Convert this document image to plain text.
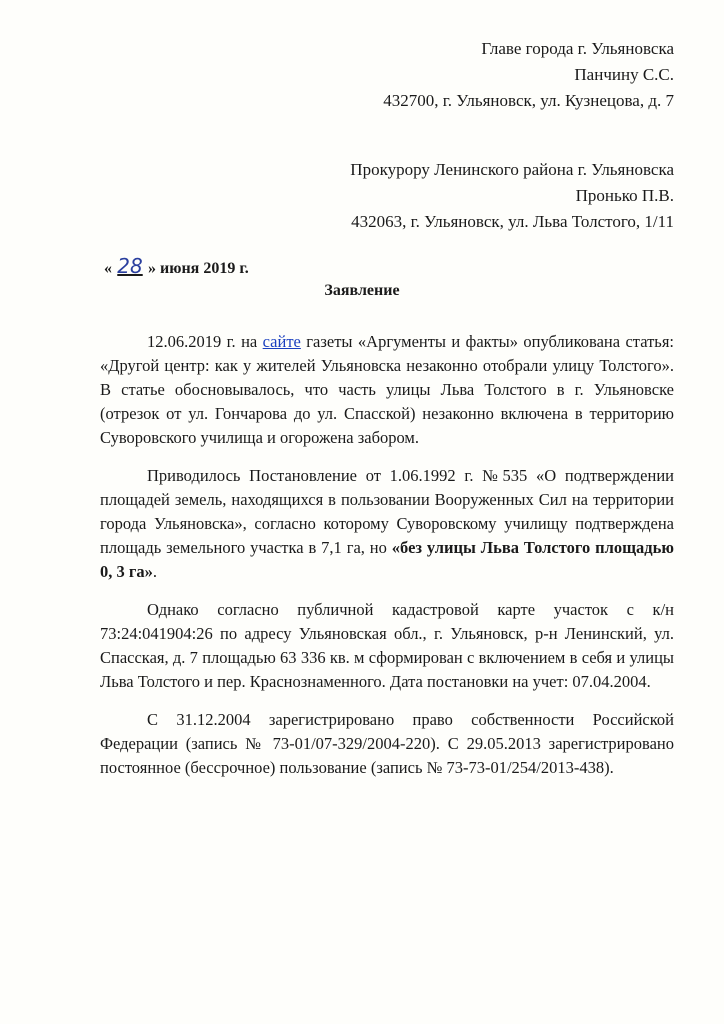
Главе города г. Ульяновска
Панчину С.С.
432700, г. Ульяновск, ул. Кузнецова, д. 7
Прокурору Ленинского района г. Ульяновска
Пронько П.В.
432063, г. Ульяновск, ул. Льва Толстого, 1/11
« 28 » июня 2019 г.
Заявление

12.06.2019 г. на сайте газеты «Аргументы и факты» опубликована статья: «Другой центр: как у жителей Ульяновска незаконно отобрали улицу Толстого». В статье обосновывалось, что часть улицы Льва Толстого в г. Ульяновске (отрезок от ул. Гончарова до ул. Спасской) незаконно включена в территорию Суворовского училища и огорожена забором.

Приводилось Постановление от 1.06.1992 г. №535 «О подтверждении площадей земель, находящихся в пользовании Вооруженных Сил на территории города Ульяновска», согласно которому Суворовскому училищу подтверждена площадь земельного участка в 7,1 га, но «без улицы Льва Толстого площадью 0, 3 га».

Однако согласно публичной кадастровой карте участок с к/н 73:24:041904:26 по адресу Ульяновская обл., г. Ульяновск, р-н Ленинский, ул. Спасская, д. 7 площадью 63 336 кв. м сформирован с включением в себя и улицы Льва Толстого и пер. Краснознаменного. Дата постановки на учет: 07.04.2004.

С 31.12.2004 зарегистрировано право собственности Российской Федерации (запись № 73-01/07-329/2004-220). С 29.05.2013 зарегистрировано постоянное (бессрочное) пользование (запись № 73-73-01/254/2013-438).
